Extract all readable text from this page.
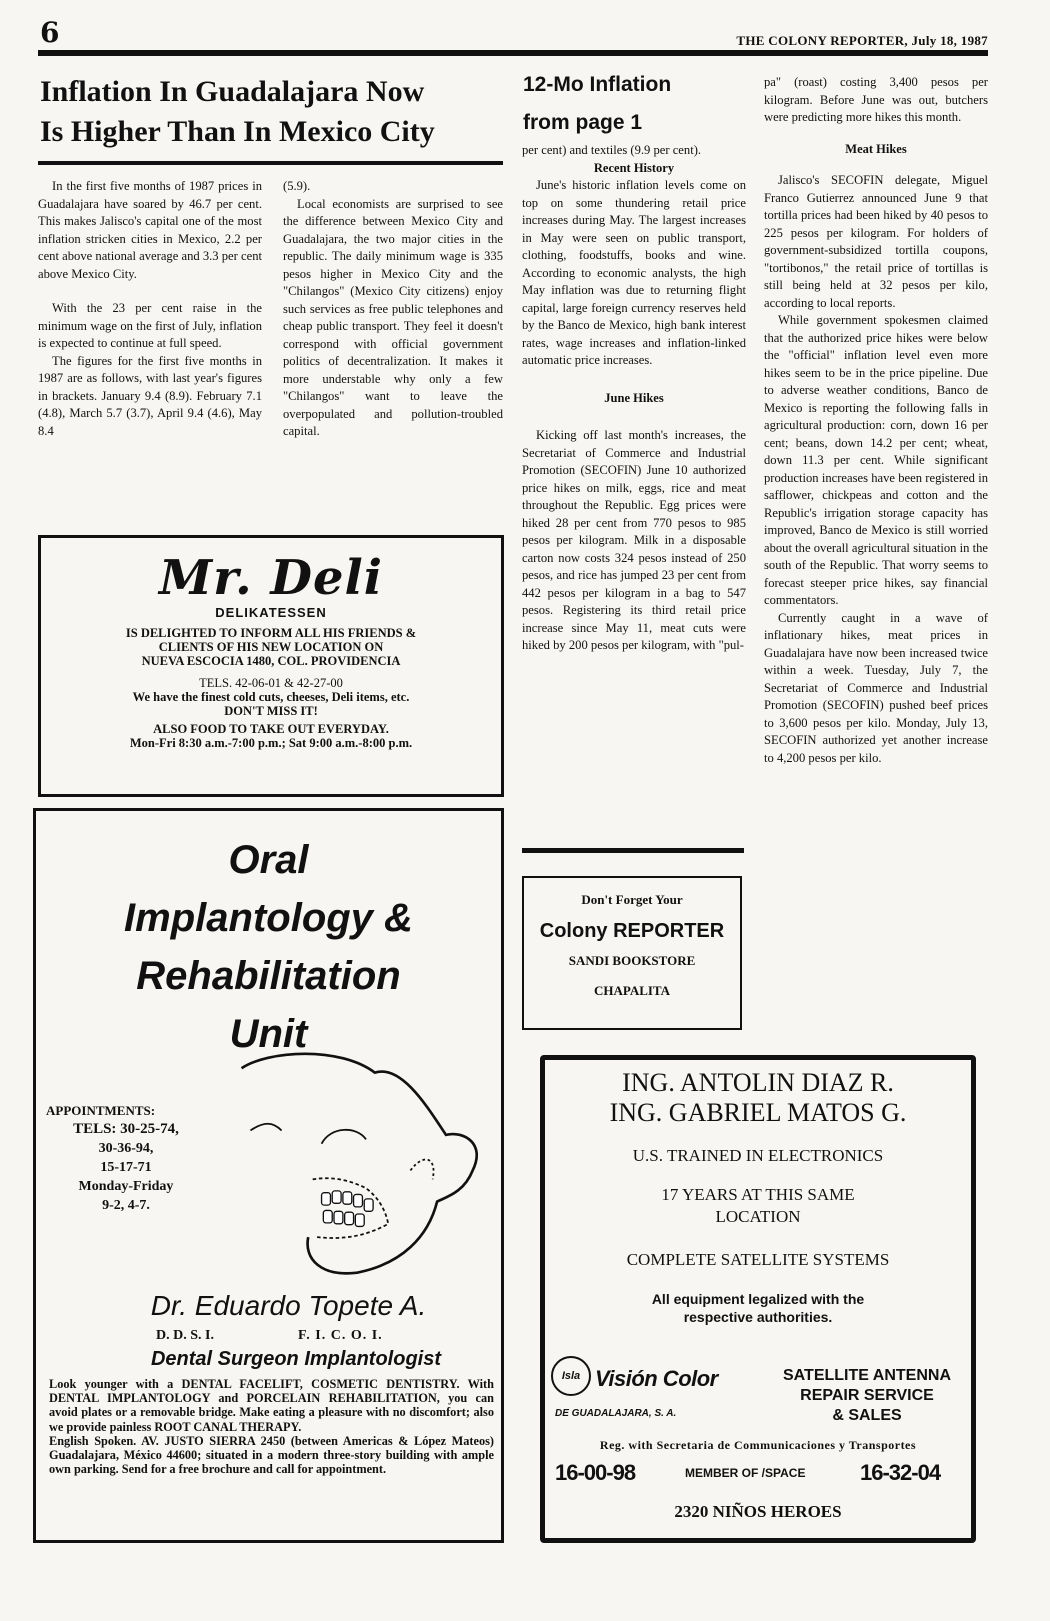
6	THE COLONY REPORTER, July 18, 1987
Inflation In Guadalajara Now
Is Higher Than In Mexico City

In the first five months of 1987 prices in Guadalajara have soared by 46.7 per cent. This makes Jalisco's capital one of the most inflation stricken cities in Mexico, 2.2 per cent above national average and 3.3 per cent above Mexico City.

With the 23 per cent raise in the minimum wage on the first of July, inflation is expected to continue at full speed.

The figures for the first five months in 1987 are as follows, with last year's figures in brackets. January 9.4 (8.9). February 7.1 (4.8), March 5.7 (3.7), April 9.4 (4.6), May 8.4

(5.9).

Local economists are surprised to see the difference between Mexico City and Guadalajara, the two major cities in the republic. The daily minimum wage is 335 pesos higher in Mexico City and the "Chilangos" (Mexico City citizens) enjoy such services as free public telephones and cheap public transport. They feel it doesn't correspond with official government politics of decentralization. It makes it more understable why only a few "Chilangos" want to leave the overpopulated and pollution-troubled capital.

Mr. Deli
DELIKATESSEN
IS DELIGHTED TO INFORM ALL HIS FRIENDS &
CLIENTS OF HIS NEW LOCATION ON
NUEVA ESCOCIA 1480, COL. PROVIDENCIA
TELS. 42-06-01 & 42-27-00
We have the finest cold cuts, cheeses, Deli items, etc.
DON'T MISS IT!
ALSO FOOD TO TAKE OUT EVERYDAY.
Mon-Fri 8:30 a.m.-7:00 p.m.; Sat 9:00 a.m.-8:00 p.m.
Oral
Implantology &
Rehabilitation
Unit
APPOINTMENTS:
TELS: 30-25-74,
30-36-94,
15-17-71
Monday-Friday
9-2, 4-7.
Dr. Eduardo Topete A.
D. D. S. I.	F. I. C. O. I.
Dental Surgeon Implantologist
Look younger with a DENTAL FACELIFT, COSMETIC DENTISTRY. With DENTAL IMPLANTOLOGY and PORCELAIN REHABILITATION, you can avoid plates or a removable bridge. Make eating a pleasure with no discomfort; also we provide painless ROOT CANAL THERAPY.
English Spoken. AV. JUSTO SIERRA 2450 (between Americas & López Mateos) Guadalajara, México 44600; situated in a modern three-story building with ample own parking. Send for a free brochure and call for appointment.
12-Mo Inflation
from page 1

per cent) and textiles (9.9 per cent).

Recent History

June's historic inflation levels come on top on some thundering retail price increases during May. The largest increases in May were seen on public transport, clothing, foodstuffs, books and wine. According to economic analysts, the high May inflation was due to returning flight capital, large foreign currency reserves held by the Banco de Mexico, high bank interest rates, wage increases and inflation-linked automatic price increases.

June Hikes

Kicking off last month's increases, the Secretariat of Commerce and Industrial Promotion (SECOFIN) June 10 authorized price hikes on milk, eggs, rice and meat throughout the Republic. Egg prices were hiked 28 per cent from 770 pesos to 985 pesos per kilogram. Milk in a disposable carton now costs 324 pesos instead of 250 pesos, and rice has jumped 23 per cent from 442 pesos per kilogram in a bag to 547 pesos. Registering its third retail price increase since May 11, meat cuts were hiked by 200 pesos per kilogram, with "pul-

Don't Forget Your
Colony REPORTER
SANDI BOOKSTORE
CHAPALITA

pa" (roast) costing 3,400 pesos per kilogram. Before June was out, butchers were predicting more hikes this month.

Meat Hikes

Jalisco's SECOFIN delegate, Miguel Franco Gutierrez announced June 9 that tortilla prices had been hiked by 40 pesos to 225 pesos per kilogram. For holders of government-subsidized tortilla coupons, "tortibonos," the retail price of tortillas is still being held at 32 pesos per kilo, according to local reports.

While government spokesmen claimed that the authorized price hikes were below the "official" inflation level even more hikes seem to be in the price pipeline. Due to adverse weather conditions, Banco de Mexico is reporting the following falls in agricultural production: corn, down 16 per cent; beans, down 14.2 per cent; wheat, down 11.3 per cent. While significant production increases have been registered in safflower, chickpeas and cotton and the Republic's irrigation storage capacity has improved, Banco de Mexico is still worried about the overall agricultural situation in the south of the Republic. That worry seems to forecast steeper price hikes, say financial commentators.

Currently caught in a wave of inflationary hikes, meat prices in Guadalajara have now been increased twice within a week. Tuesday, July 7, the Secretariat of Commerce and Industrial Promotion (SECOFIN) pushed beef prices to 3,600 pesos per kilo. Monday, July 13, SECOFIN authorized yet another increase to 4,200 pesos per kilo.

ING. ANTOLIN DIAZ R.
ING. GABRIEL MATOS G.
U.S. TRAINED IN ELECTRONICS
17 YEARS AT THIS SAME LOCATION
COMPLETE SATELLITE SYSTEMS
All equipment legalized with the respective authorities.
Isla Visión Color
DE GUADALAJARA, S. A.
SATELLITE ANTENNA
REPAIR SERVICE
& SALES
Reg. with Secretaria de Communicaciones y Transportes
16-00-98	MEMBER OF /SPACE 16-32-04
2320 NIÑOS HEROES
